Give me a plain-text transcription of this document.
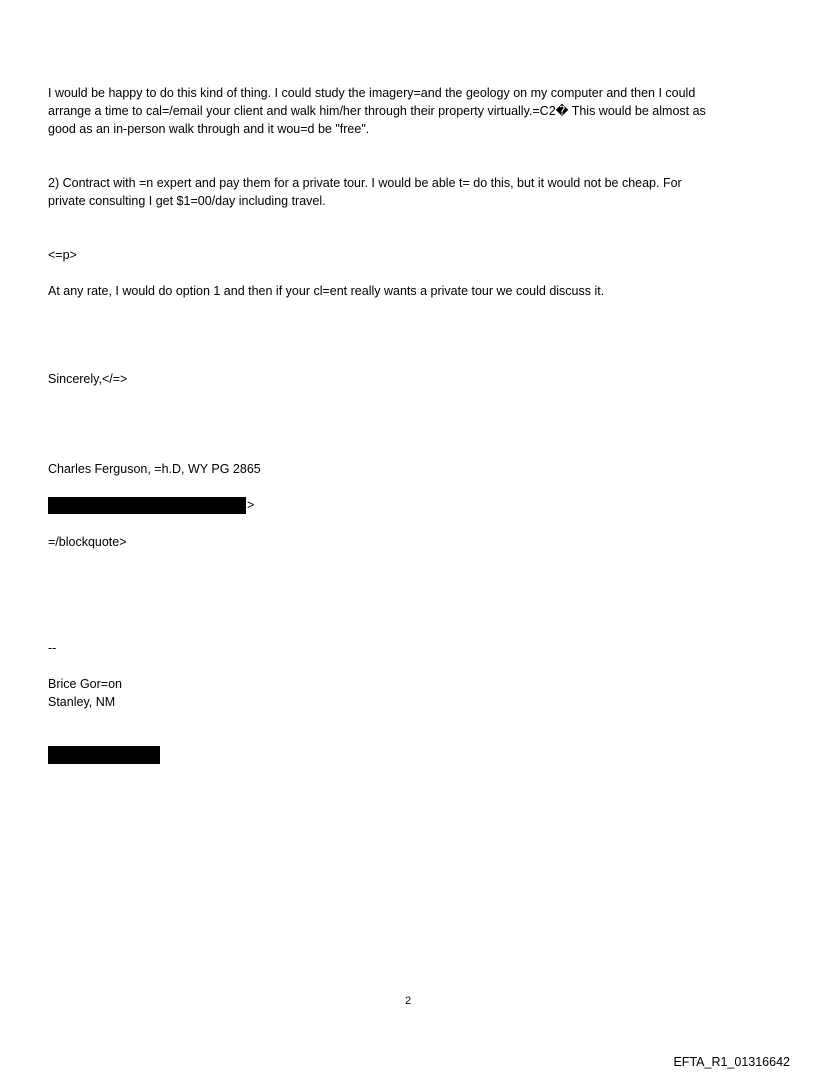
I would be happy to do this kind of thing. I could study the imagery=and the geology on my computer and then I could
arrange a time to cal=/email your client and walk him/her through their property virtually.=C2� This would be almost as
good as an in-person walk through and it wou=d be "free".
2) Contract with =n expert and pay them for a private tour. I would be able t= do this, but it would not be cheap. For
private consulting I get $1=00/day including travel.
<=p>
At any rate, I would do option 1 and then if your cl=ent really wants a private tour we could discuss it.
Sincerely,</=>
Charles Ferguson, =h.D, WY PG 2865
>
=/blockquote>
--
Brice Gor=on
Stanley, NM
2
EFTA_R1_01316642
